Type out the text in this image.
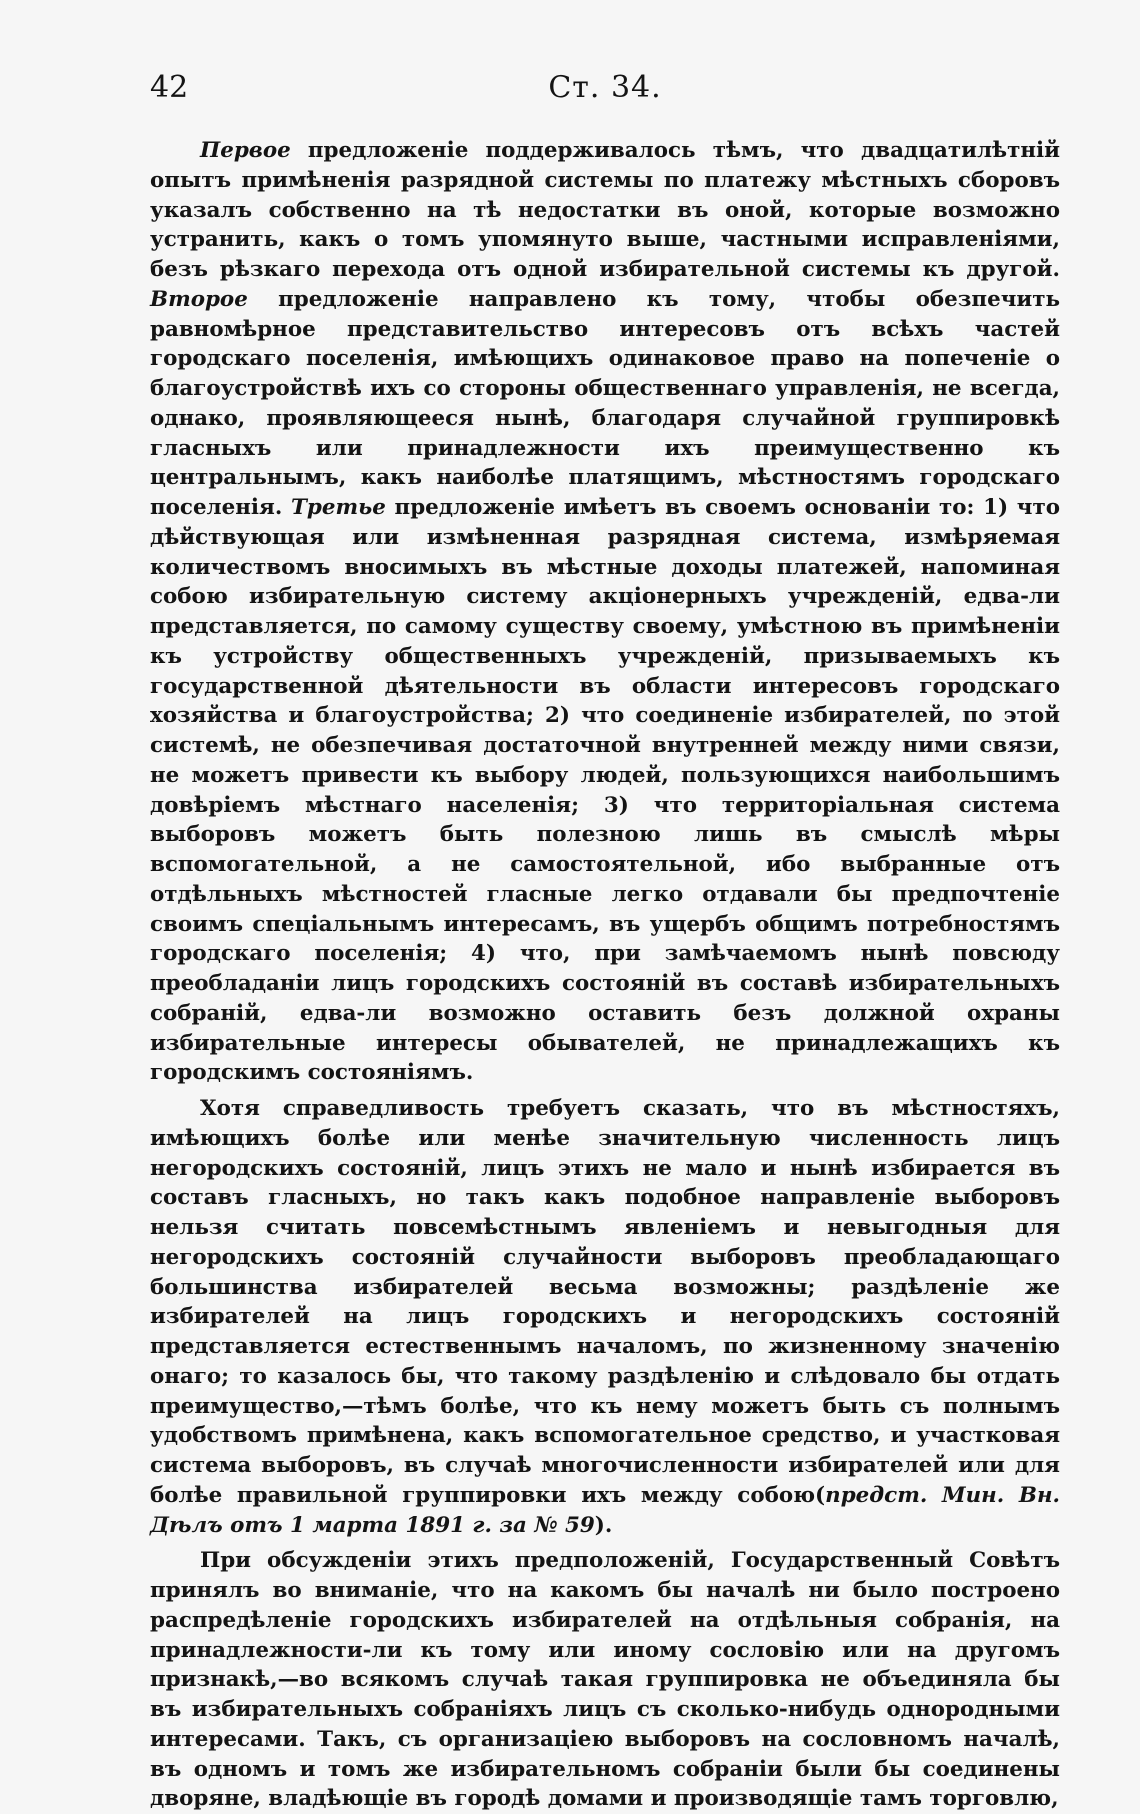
42	Ст. 34.

Первое предложеніе поддерживалось тѣмъ, что двадцатилѣтній опытъ примѣненія разрядной системы по платежу мѣстныхъ сборовъ указалъ собственно на тѣ недостатки въ оной, которые возможно устранить, какъ о томъ упомянуто выше, частными исправленіями, безъ рѣзкаго перехода отъ одной избирательной системы къ другой. Второе предложеніе направлено къ тому, чтобы обезпечить равномѣрное представительство интересовъ отъ всѣхъ частей городскаго поселенія, имѣющихъ одинаковое право на попеченіе о благоустройствѣ ихъ со стороны общественнаго управленія, не всегда, однако, проявляющееся нынѣ, благодаря случайной группировкѣ гласныхъ или принадлежности ихъ преимущественно къ центральнымъ, какъ наиболѣе платящимъ, мѣстностямъ городскаго поселенія. Третье предложеніе имѣетъ въ своемъ основаніи то: 1) что дѣйствующая или измѣненная разрядная система, измѣряемая количествомъ вносимыхъ въ мѣстные доходы платежей, напоминая собою избирательную систему акціонерныхъ учрежденій, едва-ли представляется, по самому существу своему, умѣстною въ примѣненіи къ устройству общественныхъ учрежденій, призываемыхъ къ государственной дѣятельности въ области интересовъ городскаго хозяйства и благоустройства; 2) что соединеніе избирателей, по этой системѣ, не обезпечивая достаточной внутренней между ними связи, не можетъ привести къ выбору людей, пользующихся наибольшимъ довѣріемъ мѣстнаго населенія; 3) что территоріальная система выборовъ можетъ быть полезною лишь въ смыслѣ мѣры вспомогательной, а не самостоятельной, ибо выбранные отъ отдѣльныхъ мѣстностей гласные легко отдавали бы предпочтеніе своимъ спеціальнымъ интересамъ, въ ущербъ общимъ потребностямъ городскаго поселенія; 4) что, при замѣчаемомъ нынѣ повсюду преобладаніи лицъ городскихъ состояній въ составѣ избирательныхъ собраній, едва-ли возможно оставить безъ должной охраны избирательные интересы обывателей, не принадлежащихъ къ городскимъ состояніямъ.

Хотя справедливость требуетъ сказать, что въ мѣстностяхъ, имѣющихъ болѣе или менѣе значительную численность лицъ негородскихъ состояній, лицъ этихъ не мало и нынѣ избирается въ составъ гласныхъ, но такъ какъ подобное направленіе выборовъ нельзя считать повсемѣстнымъ явленіемъ и невыгодныя для негородскихъ состояній случайности выборовъ преобладающаго большинства избирателей весьма возможны; раздѣленіе же избирателей на лицъ городскихъ и негородскихъ состояній представляется естественнымъ началомъ, по жизненному значенію онаго; то казалось бы, что такому раздѣленію и слѣдовало бы отдать преимущество,—тѣмъ болѣе, что къ нему можетъ быть съ полнымъ удобствомъ примѣнена, какъ вспомогательное средство, и участковая система выборовъ, въ случаѣ многочисленности избирателей или для болѣе правильной группировки ихъ между собою(предст. Мин. Вн. Дѣлъ отъ 1 марта 1891 г. за № 59).

При обсужденіи этихъ предположеній, Государственный Совѣтъ принялъ во вниманіе, что на какомъ бы началѣ ни было построено распредѣленіе городскихъ избирателей на отдѣльныя собранія, на принадлежности-ли къ тому или иному сословію или на другомъ признакѣ,—во всякомъ случаѣ такая группировка не объединяла бы въ избирательныхъ собраніяхъ лицъ съ сколько-нибудь однородными интересами. Такъ, съ организаціею выборовъ на сословномъ началѣ, въ одномъ и томъ же избирательномъ собраніи были бы соединены дворяне, владѣющіе въ городѣ домами и производящіе тамъ торговлю,
